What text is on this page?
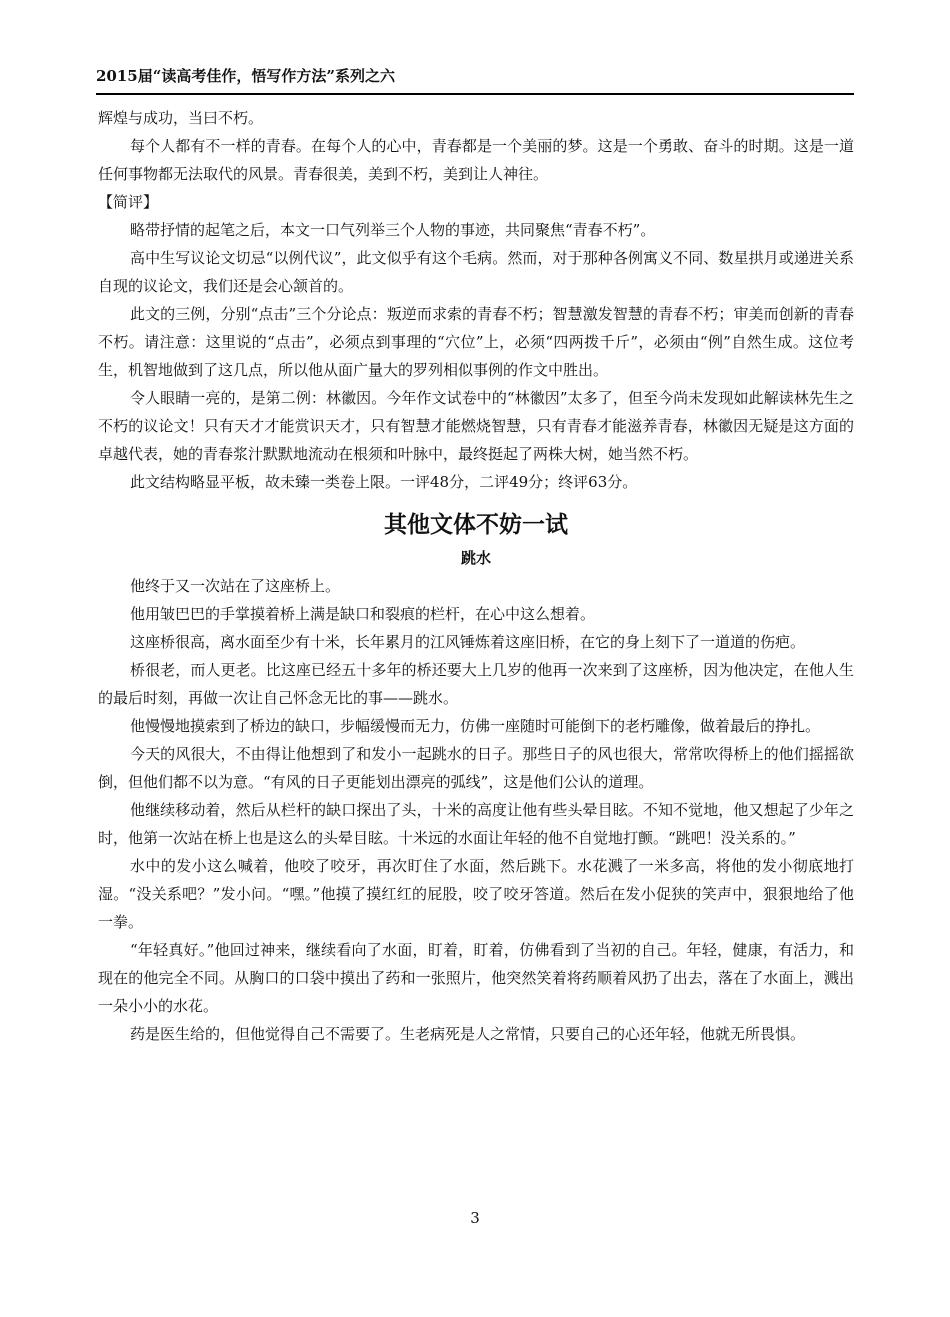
2015届“读高考佳作，悟写作方法”系列之六

辉煌与成功，当曰不朽。

每个人都有不一样的青春。在每个人的心中，青春都是一个美丽的梦。这是一个勇敢、奋斗的时期。这是一道任何事物都无法取代的风景。青春很美，美到不朽，美到让人神往。

【简评】

略带抒情的起笔之后，本文一口气列举三个人物的事迹，共同聚焦“青春不朽”。

高中生写议论文切忌“以例代议”，此文似乎有这个毛病。然而，对于那种各例寓义不同、数星拱月或递进关系自现的议论文，我们还是会心颔首的。

此文的三例，分别“点击”三个分论点：叛逆而求索的青春不朽；智慧激发智慧的青春不朽；审美而创新的青春不朽。请注意：这里说的“点击”，必须点到事理的“穴位”上，必须“四两拨千斤”，必须由“例”自然生成。这位考生，机智地做到了这几点，所以他从面广量大的罗列相似事例的作文中胜出。

令人眼睛一亮的，是第二例：林徽因。今年作文试卷中的“林徽因”太多了，但至今尚未发现如此解读林先生之不朽的议论文！只有天才才能赏识天才，只有智慧才能燃烧智慧，只有青春才能滋养青春，林徽因无疑是这方面的卓越代表，她的青春浆汁默默地流动在根须和叶脉中，最终挺起了两株大树，她当然不朽。

此文结构略显平板，故未臻一类卷上限。一评48分，二评49分；终评63分。

其他文体不妨一试
跳水

他终于又一次站在了这座桥上。

他用皱巴巴的手掌摸着桥上满是缺口和裂痕的栏杆，在心中这么想着。

这座桥很高，离水面至少有十米，长年累月的江风锤炼着这座旧桥，在它的身上刻下了一道道的伤疤。

桥很老，而人更老。比这座已经五十多年的桥还要大上几岁的他再一次来到了这座桥，因为他决定，在他人生的最后时刻，再做一次让自己怀念无比的事——跳水。

他慢慢地摸索到了桥边的缺口，步幅缓慢而无力，仿佛一座随时可能倒下的老朽雕像，做着最后的挣扎。

今天的风很大，不由得让他想到了和发小一起跳水的日子。那些日子的风也很大，常常吹得桥上的他们摇摇欲倒，但他们都不以为意。“有风的日子更能划出漂亮的弧线”，这是他们公认的道理。

他继续移动着，然后从栏杆的缺口探出了头，十米的高度让他有些头晕目眩。不知不觉地，他又想起了少年之时，他第一次站在桥上也是这么的头晕目眩。十米远的水面让年轻的他不自觉地打颤。“跳吧！没关系的。”

水中的发小这么喊着，他咬了咬牙，再次盯住了水面，然后跳下。水花溅了一米多高，将他的发小彻底地打湿。“没关系吧？”发小问。“嘿。”他摸了摸红红的屁股，咬了咬牙答道。然后在发小促狭的笑声中，狠狠地给了他一拳。

“年轻真好。”他回过神来，继续看向了水面，盯着，盯着，仿佛看到了当初的自己。年轻，健康，有活力，和现在的他完全不同。从胸口的口袋中摸出了药和一张照片，他突然笑着将药顺着风扔了出去，落在了水面上，溅出一朵小小的水花。

药是医生给的，但他觉得自己不需要了。生老病死是人之常情，只要自己的心还年轻，他就无所畏惧。

3
